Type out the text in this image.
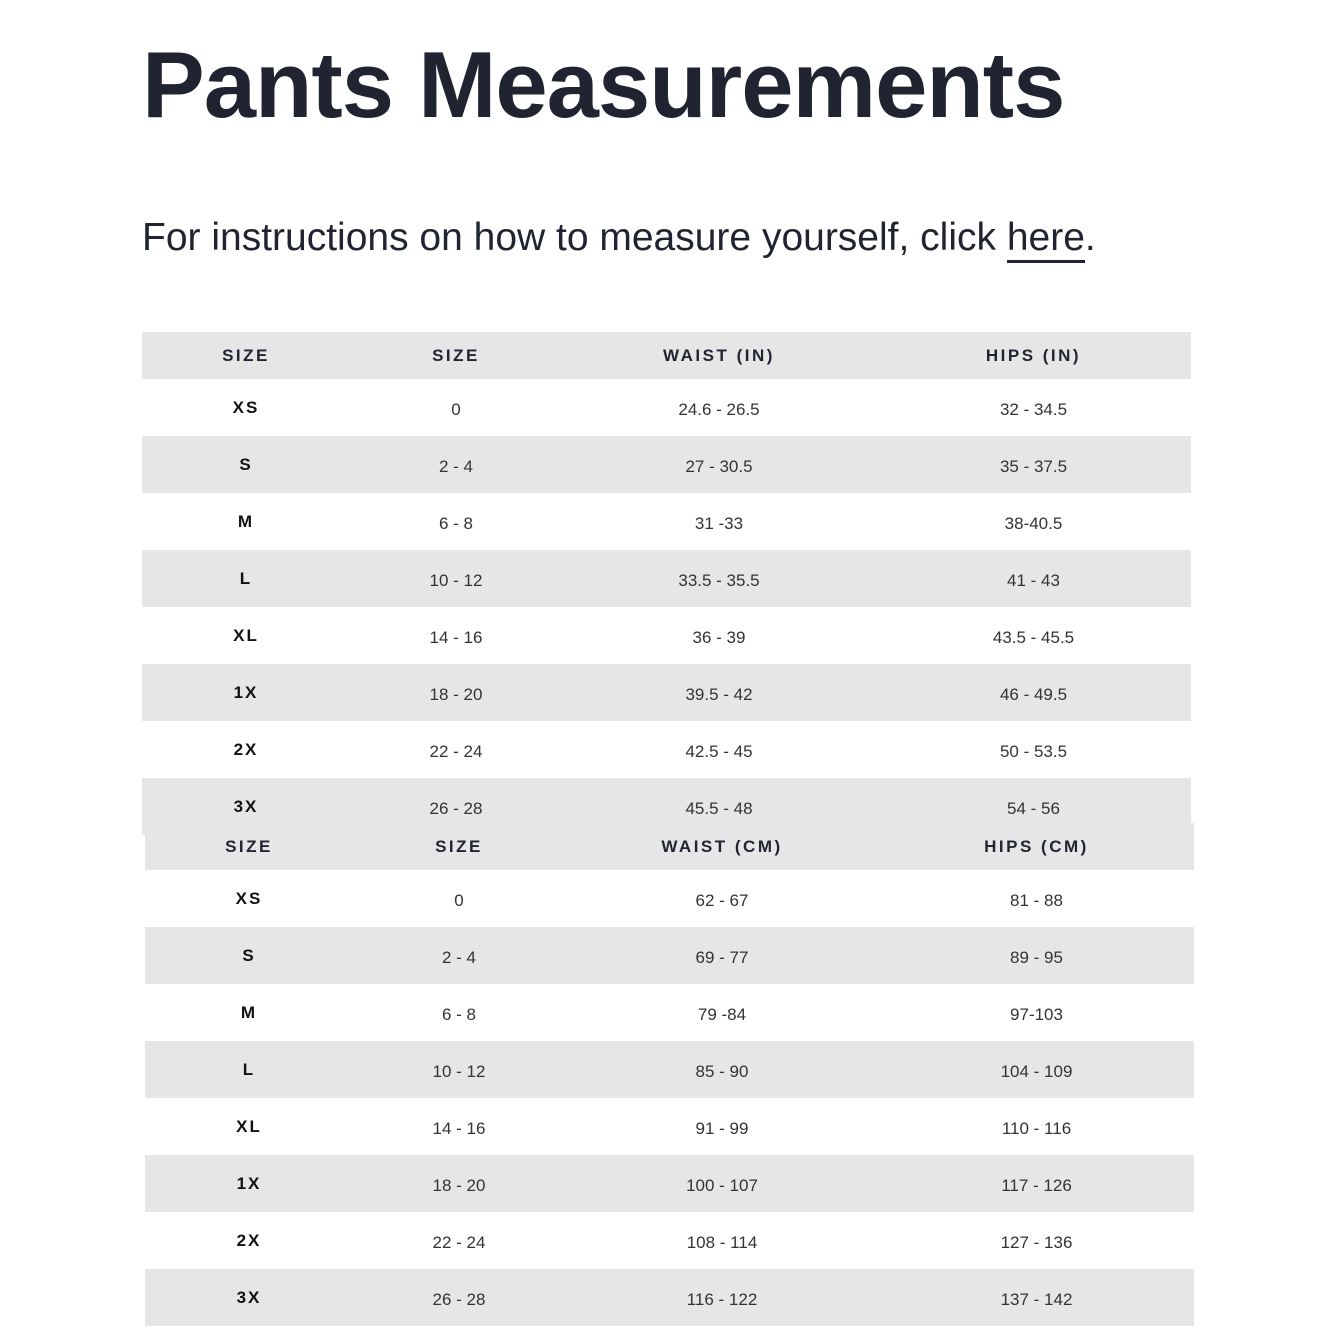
Pants Measurements

For instructions on how to measure yourself, click here.

SIZE	SIZE	WAIST (IN)	HIPS (IN)
XS	0	24.6 - 26.5	32 - 34.5
S	2 - 4	27 - 30.5	35 - 37.5
M	6 - 8	31 -33	38-40.5
L	10 - 12	33.5 - 35.5	41 - 43
XL	14 - 16	36 - 39	43.5 - 45.5
1X	18 - 20	39.5 - 42	46 - 49.5
2X	22 - 24	42.5 - 45	50 - 53.5
3X	26 - 28	45.5 - 48	54 - 56
SIZE	SIZE	WAIST (CM)	HIPS (CM)
XS	0	62 - 67	81 - 88
S	2 - 4	69 - 77	89 - 95
M	6 - 8	79 -84	97-103
L	10 - 12	85 - 90	104 - 109
XL	14 - 16	91 - 99	110 - 116
1X	18 - 20	100 - 107	117 - 126
2X	22 - 24	108 - 114	127 - 136
3X	26 - 28	116 - 122	137 - 142
